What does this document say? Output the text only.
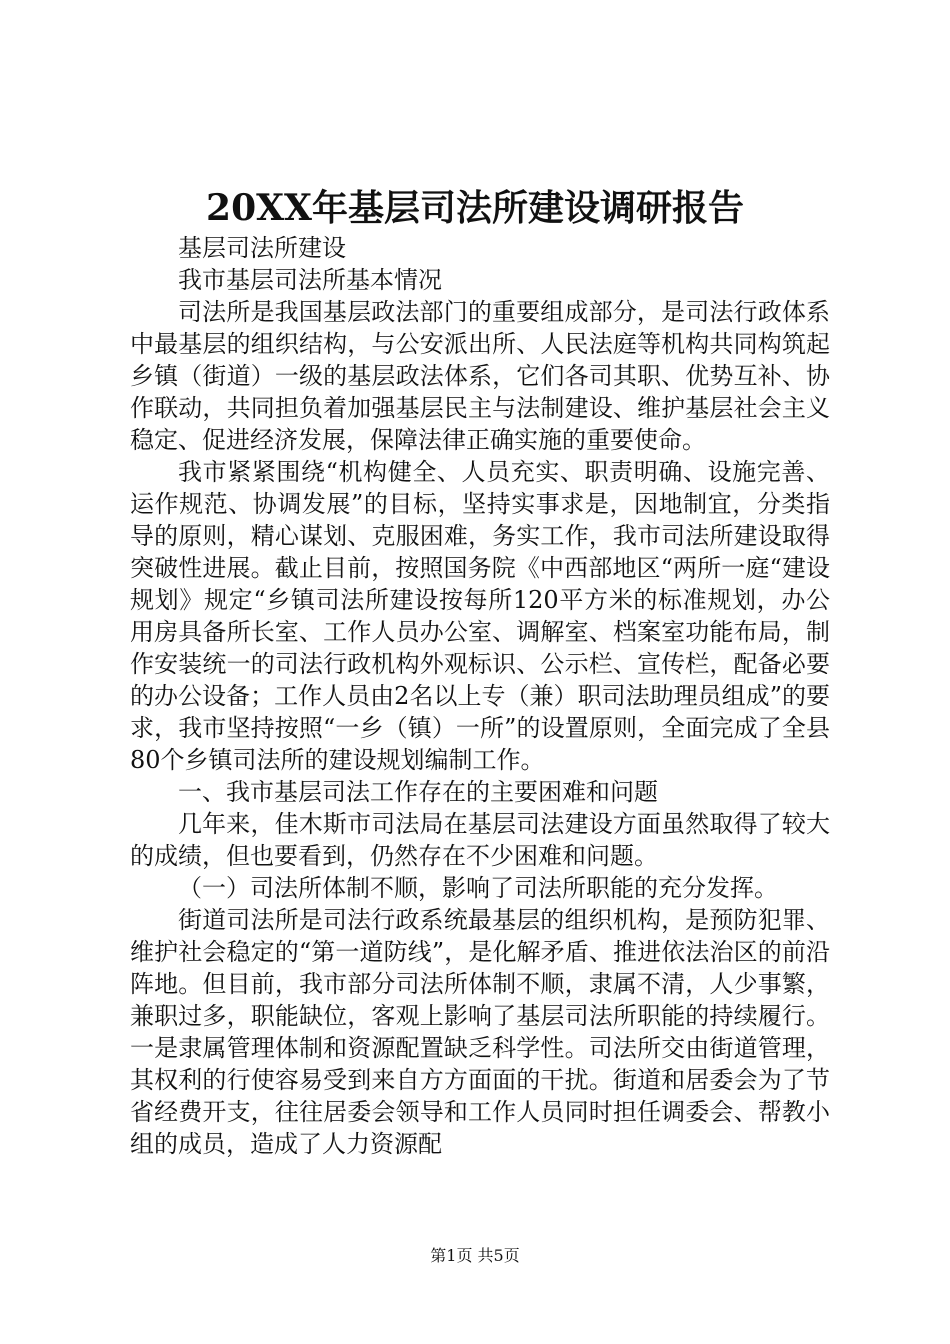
20XX年基层司法所建设调研报告

基层司法所建设

我市基层司法所基本情况

司法所是我国基层政法部门的重要组成部分，是司法行政体系中最基层的组织结构，与公安派出所、人民法庭等机构共同构筑起乡镇（街道）一级的基层政法体系，它们各司其职、优势互补、协作联动，共同担负着加强基层民主与法制建设、维护基层社会主义稳定、促进经济发展，保障法律正确实施的重要使命。

我市紧紧围绕“机构健全、人员充实、职责明确、设施完善、运作规范、协调发展”的目标，坚持实事求是，因地制宜，分类指导的原则，精心谋划、克服困难，务实工作，我市司法所建设取得突破性进展。截止目前，按照国务院《中西部地区“两所一庭“建设规划》规定“乡镇司法所建设按每所120平方米的标准规划，办公用房具备所长室、工作人员办公室、调解室、档案室功能布局，制作安装统一的司法行政机构外观标识、公示栏、宣传栏，配备必要的办公设备；工作人员由2名以上专（兼）职司法助理员组成”的要求，我市坚持按照“一乡（镇）一所”的设置原则，全面完成了全县80个乡镇司法所的建设规划编制工作。

一、我市基层司法工作存在的主要困难和问题

几年来，佳木斯市司法局在基层司法建设方面虽然取得了较大的成绩，但也要看到，仍然存在不少困难和问题。

（一）司法所体制不顺，影响了司法所职能的充分发挥。

街道司法所是司法行政系统最基层的组织机构，是预防犯罪、维护社会稳定的“第一道防线”，是化解矛盾、推进依法治区的前沿阵地。但目前，我市部分司法所体制不顺，隶属不清，人少事繁，兼职过多，职能缺位，客观上影响了基层司法所职能的持续履行。一是隶属管理体制和资源配置缺乏科学性。司法所交由街道管理，其权利的行使容易受到来自方方面面的干扰。街道和居委会为了节省经费开支，往往居委会领导和工作人员同时担任调委会、帮教小组的成员，造成了人力资源配

第1页 共5页
